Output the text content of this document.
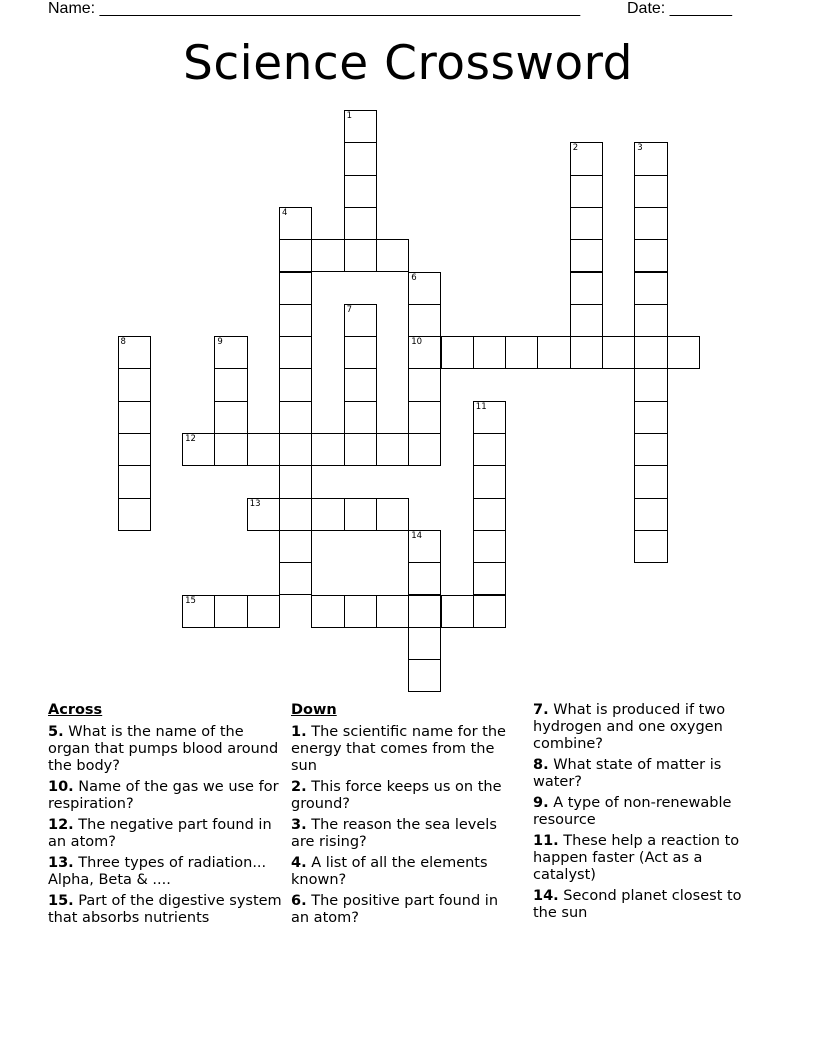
Name: ______________________________________________________	Date: _______
Science Crossword
1
2	3
4
6
10
7
8	9
11
12
13
14
15
Across
5. What is the name of the organ that pumps blood around the body?
10. Name of the gas we use for respiration?
12. The negative part found in an atom?
13. Three types of radiation... Alpha, Beta & ....
15. Part of the digestive system that absorbs nutrients
Down
1. The scientific name for the energy that comes from the sun
2. This force keeps us on the ground?
3. The reason the sea levels are rising?
4. A list of all the elements known?
6. The positive part found in an atom?
7. What is produced if two hydrogen and one oxygen combine?
8. What state of matter is water?
9. A type of non-renewable resource
11. These help a reaction to happen faster (Act as a catalyst)
14. Second planet closest to the sun
